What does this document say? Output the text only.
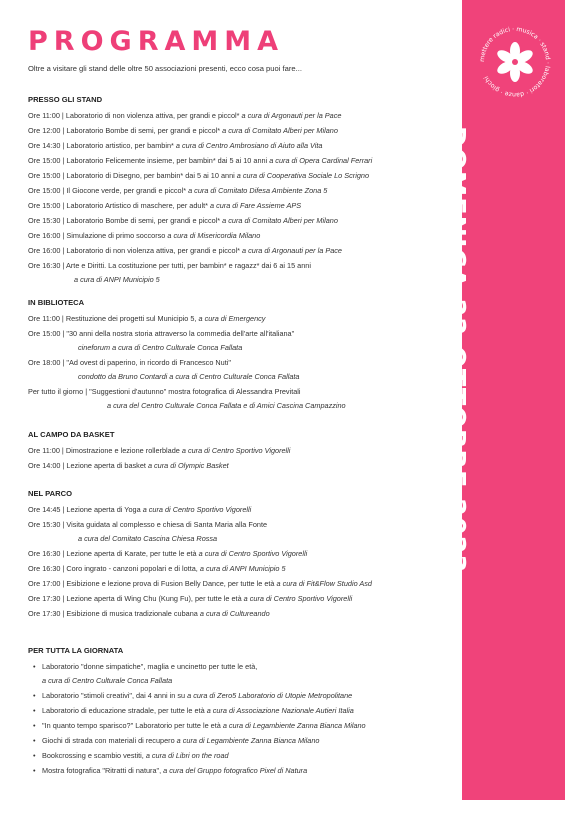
PROGRAMMA
Oltre a visitare gli stand delle oltre 50 associazioni presenti, ecco cosa puoi fare...
PRESSO GLI STAND
Ore 11:00 | Laboratorio di non violenza attiva, per grandi e piccol* a cura di Argonauti per la Pace
Ore 12:00 | Laboratorio Bombe di semi, per grandi e piccol* a cura di Comitato Alberi per Milano
Ore 14:30 | Laboratorio artistico, per bambin* a cura di Centro Ambrosiano di Aiuto alla Vita
Ore 15:00 | Laboratorio Felicemente insieme, per bambin* dai 5 ai 10 anni a cura di Opera Cardinal Ferrari
Ore 15:00 | Laboratorio di Disegno, per bambin* dai 5 ai 10 anni a cura di Cooperativa Sociale Lo Scrigno
Ore 15:00 | Il Giocone verde, per grandi e piccol* a cura di Comitato Difesa Ambiente Zona 5
Ore 15:00 | Laboratorio Artistico di maschere, per adult* a cura di Fare Assieme APS
Ore 15:30 | Laboratorio Bombe di semi, per grandi e piccol* a cura di Comitato Alberi per Milano
Ore 16:00 | Simulazione di primo soccorso a cura di Misericordia Milano
Ore 16:00 | Laboratorio di non violenza attiva, per grandi e piccol* a cura di Argonauti per la Pace
Ore 16:30 | Arte e Diritti. La costituzione per tutti, per bambin* e ragazz* dai 6 ai 15 anni
a cura di ANPI Municipio 5
IN BIBLIOTECA
Ore 11:00 | Restituzione dei progetti sul Municipio 5, a cura di Emergency
Ore 15:00 | "30 anni della nostra storia attraverso la commedia dell'arte all'italiana"
cineforum a cura di Centro Culturale Conca Fallata
Ore 18:00 | "Ad ovest di paperino, in ricordo di Francesco Nuti"
condotto da Bruno Contardi a cura di Centro Culturale Conca Fallata
Per tutto il giorno | "Suggestioni d'autunno" mostra fotografica di Alessandra Previtali
a cura del Centro Culturale Conca Fallata e di Amici Cascina Campazzino
AL CAMPO DA BASKET
Ore 11:00 | Dimostrazione e lezione rollerblade a cura di Centro Sportivo Vigorelli
Ore 14:00 | Lezione aperta di basket a cura di Olympic Basket
NEL PARCO
Ore 14:45 | Lezione aperta di Yoga a cura di Centro Sportivo Vigorelli
Ore 15:30 | Visita guidata al complesso e chiesa di Santa Maria alla Fonte
a cura del Comitato Cascina Chiesa Rossa
Ore 16:30 | Lezione aperta di Karate, per tutte le età a cura di Centro Sportivo Vigorelli
Ore 16:30 | Coro ingrato - canzoni popolari e di lotta, a cura di ANPI Municipio 5
Ore 17:00 | Esibizione e lezione prova di Fusion Belly Dance, per tutte le età a cura di Fit&Flow Studio Asd
Ore 17:30 | Lezione aperta di Wing Chu (Kung Fu), per tutte le età a cura di Centro Sportivo Vigorelli
Ore 17:30 | Esibizione di musica tradizionale cubana a cura di Cultureando
PER TUTTA LA GIORNATA
• Laboratorio "donne simpatiche", maglia e uncinetto per tutte le età,
a cura di Centro Culturale Conca Fallata
• Laboratorio "stimoli creativi", dai 4 anni in su a cura di Zero5 Laboratorio di Utopie Metropolitane
• Laboratorio di educazione stradale, per tutte le età a cura di Associazione Nazionale Autieri Italia
• "In quanto tempo sparisco?" Laboratorio per tutte le età a cura di Legambiente Zanna Bianca Milano
• Giochi di strada con materiali di recupero a cura di Legambiente Zanna Bianca Milano
• Bookcrossing e scambio vestiti, a cura di Libri on the road
• Mostra fotografica "Ritratti di natura", a cura del Gruppo fotografico Pixel di Natura
mettere radici · musica · stand · laboratori · danze · giochi
DOMENICA 22 OTTOBRE 2023
FESTA DELLE ASSOCIAZIONI DEL MUNICIPIO 5
